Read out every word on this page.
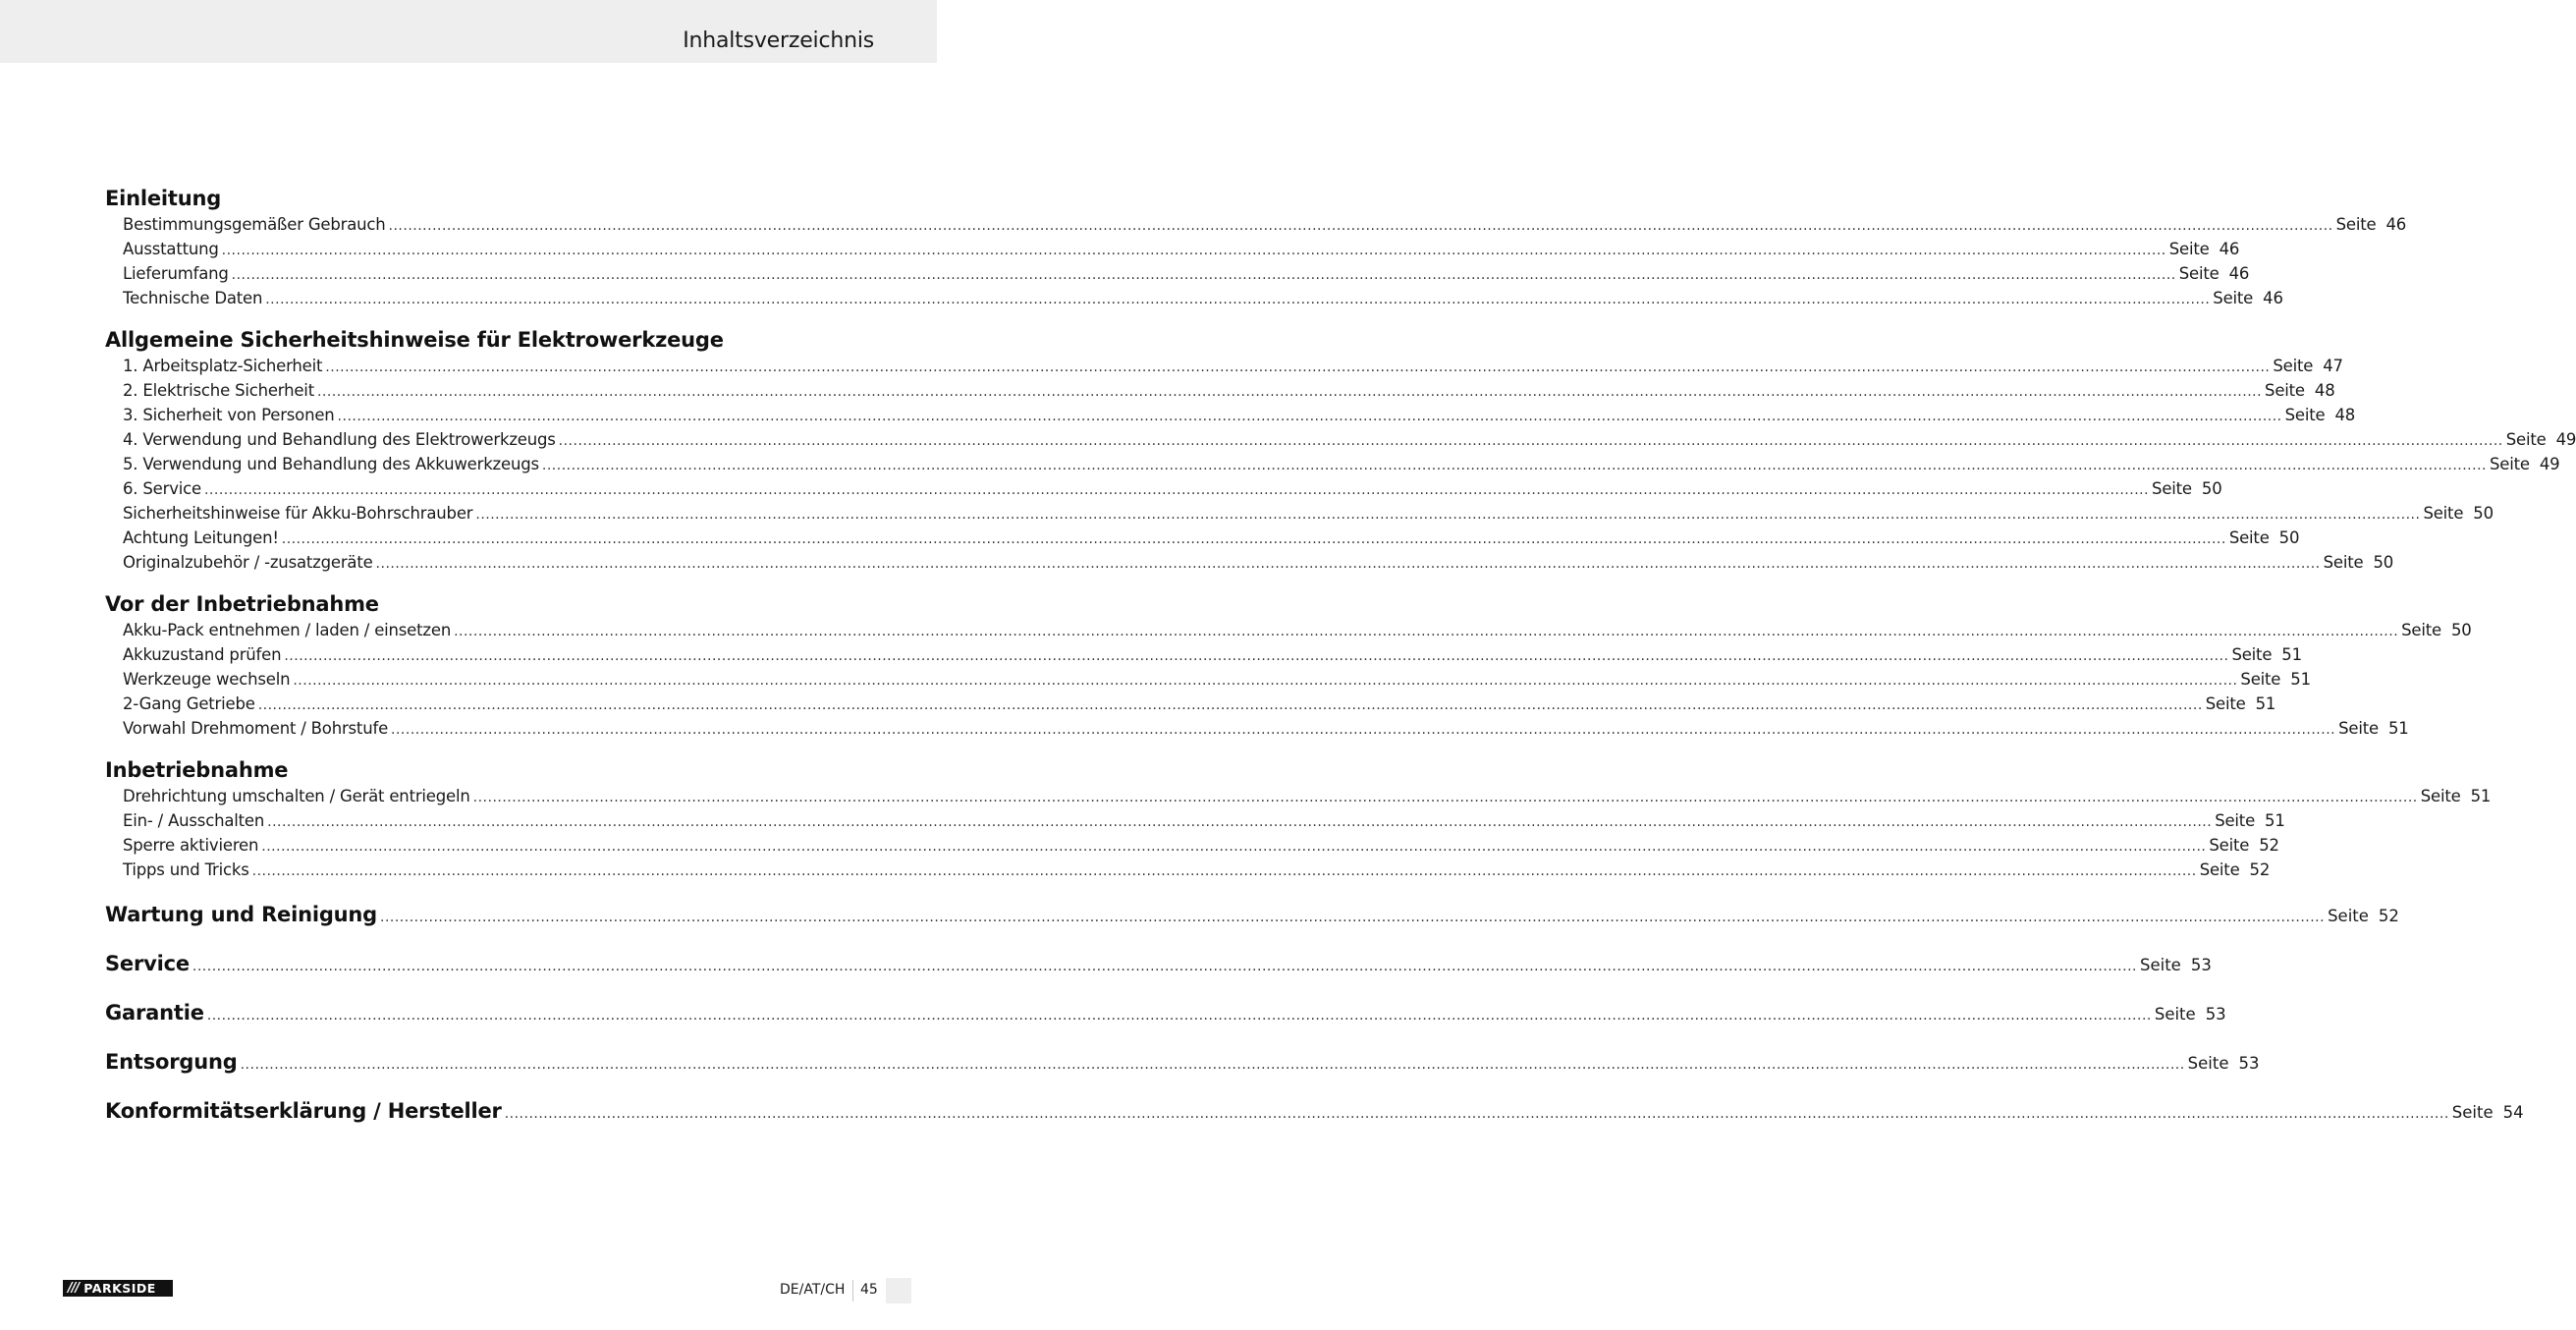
Inhaltsverzeichnis
Einleitung
Bestimmungsgemäßer Gebrauch ................................................................................................................................................................................................................................................................................................................................................................................................................ Seite 46
Ausstattung ................................................................................................................................................................................................................................................................................................................................................................................................................ Seite 46
Lieferumfang ................................................................................................................................................................................................................................................................................................................................................................................................................ Seite 46
Technische Daten ................................................................................................................................................................................................................................................................................................................................................................................................................ Seite 46
Allgemeine Sicherheitshinweise für Elektrowerkzeuge
1. Arbeitsplatz-Sicherheit ................................................................................................................................................................................................................................................................................................................................................................................................................ Seite 47
2. Elektrische Sicherheit ................................................................................................................................................................................................................................................................................................................................................................................................................ Seite 48
3. Sicherheit von Personen ................................................................................................................................................................................................................................................................................................................................................................................................................ Seite 48
4. Verwendung und Behandlung des Elektrowerkzeugs ................................................................................................................................................................................................................................................................................................................................................................................................................ Seite 49
5. Verwendung und Behandlung des Akkuwerkzeugs ................................................................................................................................................................................................................................................................................................................................................................................................................ Seite 49
6. Service ................................................................................................................................................................................................................................................................................................................................................................................................................ Seite 50
Sicherheitshinweise für Akku-Bohrschrauber ................................................................................................................................................................................................................................................................................................................................................................................................................ Seite 50
Achtung Leitungen! ................................................................................................................................................................................................................................................................................................................................................................................................................ Seite 50
Originalzubehör / -zusatzgeräte ................................................................................................................................................................................................................................................................................................................................................................................................................ Seite 50
Vor der Inbetriebnahme
Akku-Pack entnehmen / laden / einsetzen ................................................................................................................................................................................................................................................................................................................................................................................................................ Seite 50
Akkuzustand prüfen ................................................................................................................................................................................................................................................................................................................................................................................................................ Seite 51
Werkzeuge wechseln ................................................................................................................................................................................................................................................................................................................................................................................................................ Seite 51
2-Gang Getriebe ................................................................................................................................................................................................................................................................................................................................................................................................................ Seite 51
Vorwahl Drehmoment / Bohrstufe ................................................................................................................................................................................................................................................................................................................................................................................................................ Seite 51
Inbetriebnahme
Drehrichtung umschalten / Gerät entriegeln ................................................................................................................................................................................................................................................................................................................................................................................................................ Seite 51
Ein- / Ausschalten ................................................................................................................................................................................................................................................................................................................................................................................................................ Seite 51
Sperre aktivieren ................................................................................................................................................................................................................................................................................................................................................................................................................ Seite 52
Tipps und Tricks ................................................................................................................................................................................................................................................................................................................................................................................................................ Seite 52
Wartung und Reinigung ................................................................................................................................................................................................................................................................................................................................................................................................................ Seite 52
Service ................................................................................................................................................................................................................................................................................................................................................................................................................ Seite 53
Garantie ................................................................................................................................................................................................................................................................................................................................................................................................................ Seite 53
Entsorgung ................................................................................................................................................................................................................................................................................................................................................................................................................ Seite 53
Konformitätserklärung / Hersteller ................................................................................................................................................................................................................................................................................................................................................................................................................ Seite 54
/// PARKSIDE	DE/AT/CH 45
